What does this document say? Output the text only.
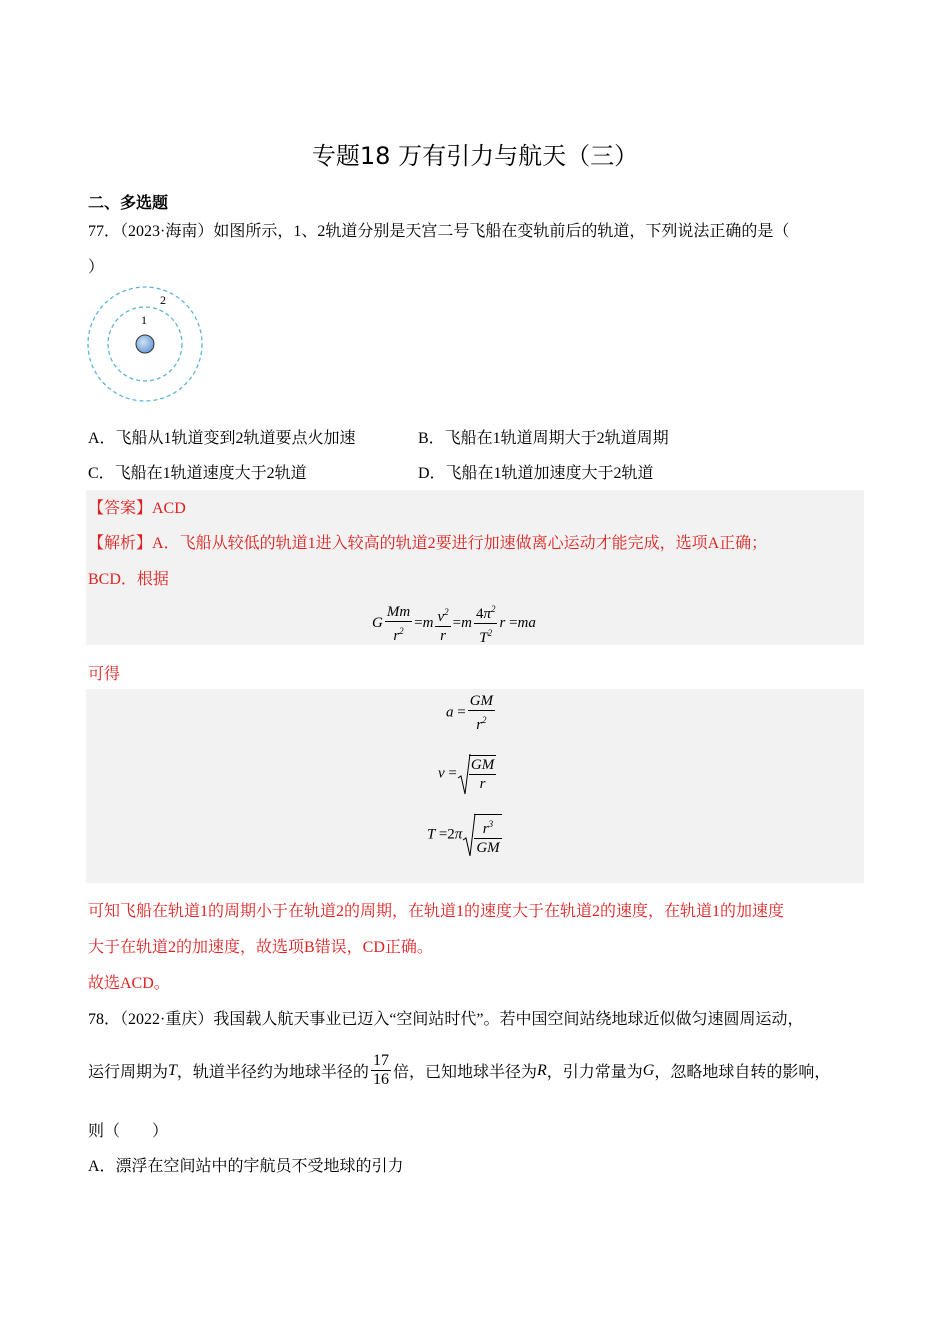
专题18 万有引力与航天（三）
二、多选题
77．（2023·海南）如图所示，1、2轨道分别是天宫二号飞船在变轨前后的轨道，下列说法正确的是（
）
1
2
A．飞船从1轨道变到2轨道要点火加速	B．飞船在1轨道周期大于2轨道周期
C．飞船在1轨道速度大于2轨道	D．飞船在1轨道加速度大于2轨道
【答案】ACD
【解析】A．飞船从较低的轨道1进入较高的轨道2要进行加速做离心运动才能完成，选项A正确；
BCD．根据
G $\frac{Mm}{r^2} =m \frac{v^2}{r} =m \frac{4\pi^2}{T^2}$ r =ma
可得
$a = \frac{GM}{r^2}$
$v = \frac{GM}{r}$
$T =2\pi \frac{r^3}{GM}$
可知飞船在轨道1的周期小于在轨道2的周期，在轨道1的速度大于在轨道2的速度，在轨道1的加速度
大于在轨道2的加速度，故选项B错误，CD正确。
故选ACD。
78．（2022·重庆）我国载人航天事业已迈入“空间站时代”。若中国空间站绕地球近似做匀速圆周运动，
运行周期为 T ，轨道半径约为地球半径的 $\frac{17}{16}$ 倍，已知地球半径为 R ，引力常量为 G ，忽略地球自转的影响，
则（　　）
A．漂浮在空间站中的宇航员不受地球的引力
